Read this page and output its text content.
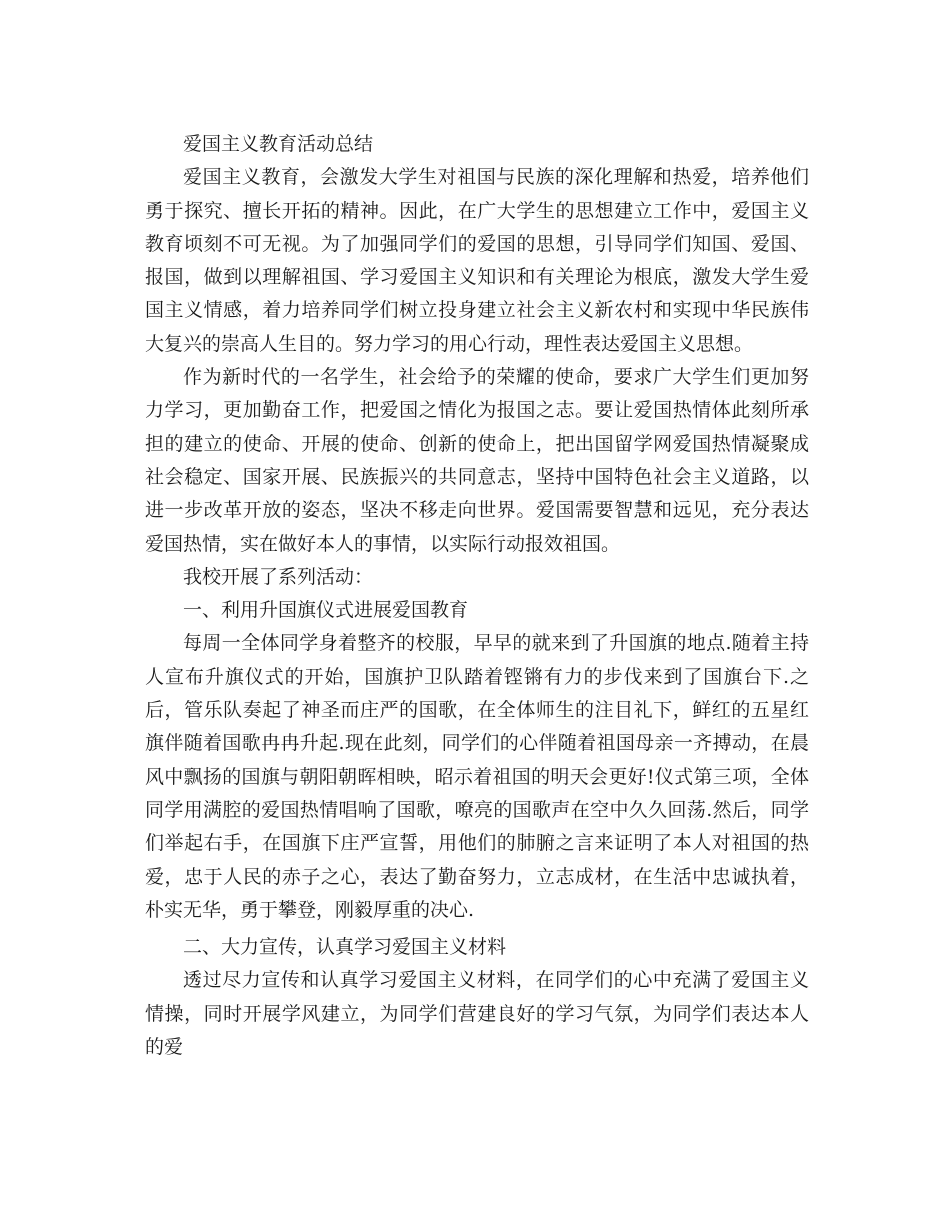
爱国主义教育活动总结

爱国主义教育，会激发大学生对祖国与民族的深化理解和热爱，培养他们勇于探究、擅长开拓的精神。因此，在广大学生的思想建立工作中，爱国主义教育顷刻不可无视。为了加强同学们的爱国的思想，引导同学们知国、爱国、报国，做到以理解祖国、学习爱国主义知识和有关理论为根底，激发大学生爱国主义情感，着力培养同学们树立投身建立社会主义新农村和实现中华民族伟大复兴的崇高人生目的。努力学习的用心行动，理性表达爱国主义思想。

作为新时代的一名学生，社会给予的荣耀的使命，要求广大学生们更加努力学习，更加勤奋工作，把爱国之情化为报国之志。要让爱国热情体此刻所承担的建立的使命、开展的使命、创新的使命上，把出国留学网爱国热情凝聚成社会稳定、国家开展、民族振兴的共同意志，坚持中国特色社会主义道路，以进一步改革开放的姿态，坚决不移走向世界。爱国需要智慧和远见，充分表达爱国热情，实在做好本人的事情，以实际行动报效祖国。

我校开展了系列活动：

一、利用升国旗仪式进展爱国教育

每周一全体同学身着整齐的校服，早早的就来到了升国旗的地点.随着主持人宣布升旗仪式的开始，国旗护卫队踏着铿锵有力的步伐来到了国旗台下.之后，管乐队奏起了神圣而庄严的国歌，在全体师生的注目礼下，鲜红的五星红旗伴随着国歌冉冉升起.现在此刻，同学们的心伴随着祖国母亲一齐搏动，在晨风中飘扬的国旗与朝阳朝晖相映，昭示着祖国的明天会更好!仪式第三项，全体同学用满腔的爱国热情唱响了国歌，嘹亮的国歌声在空中久久回荡.然后，同学们举起右手，在国旗下庄严宣誓，用他们的肺腑之言来证明了本人对祖国的热爱，忠于人民的赤子之心，表达了勤奋努力，立志成材，在生活中忠诚执着，朴实无华，勇于攀登，刚毅厚重的决心.

二、大力宣传，认真学习爱国主义材料

透过尽力宣传和认真学习爱国主义材料，在同学们的心中充满了爱国主义情操，同时开展学风建立，为同学们营建良好的学习气氛，为同学们表达本人的爱
